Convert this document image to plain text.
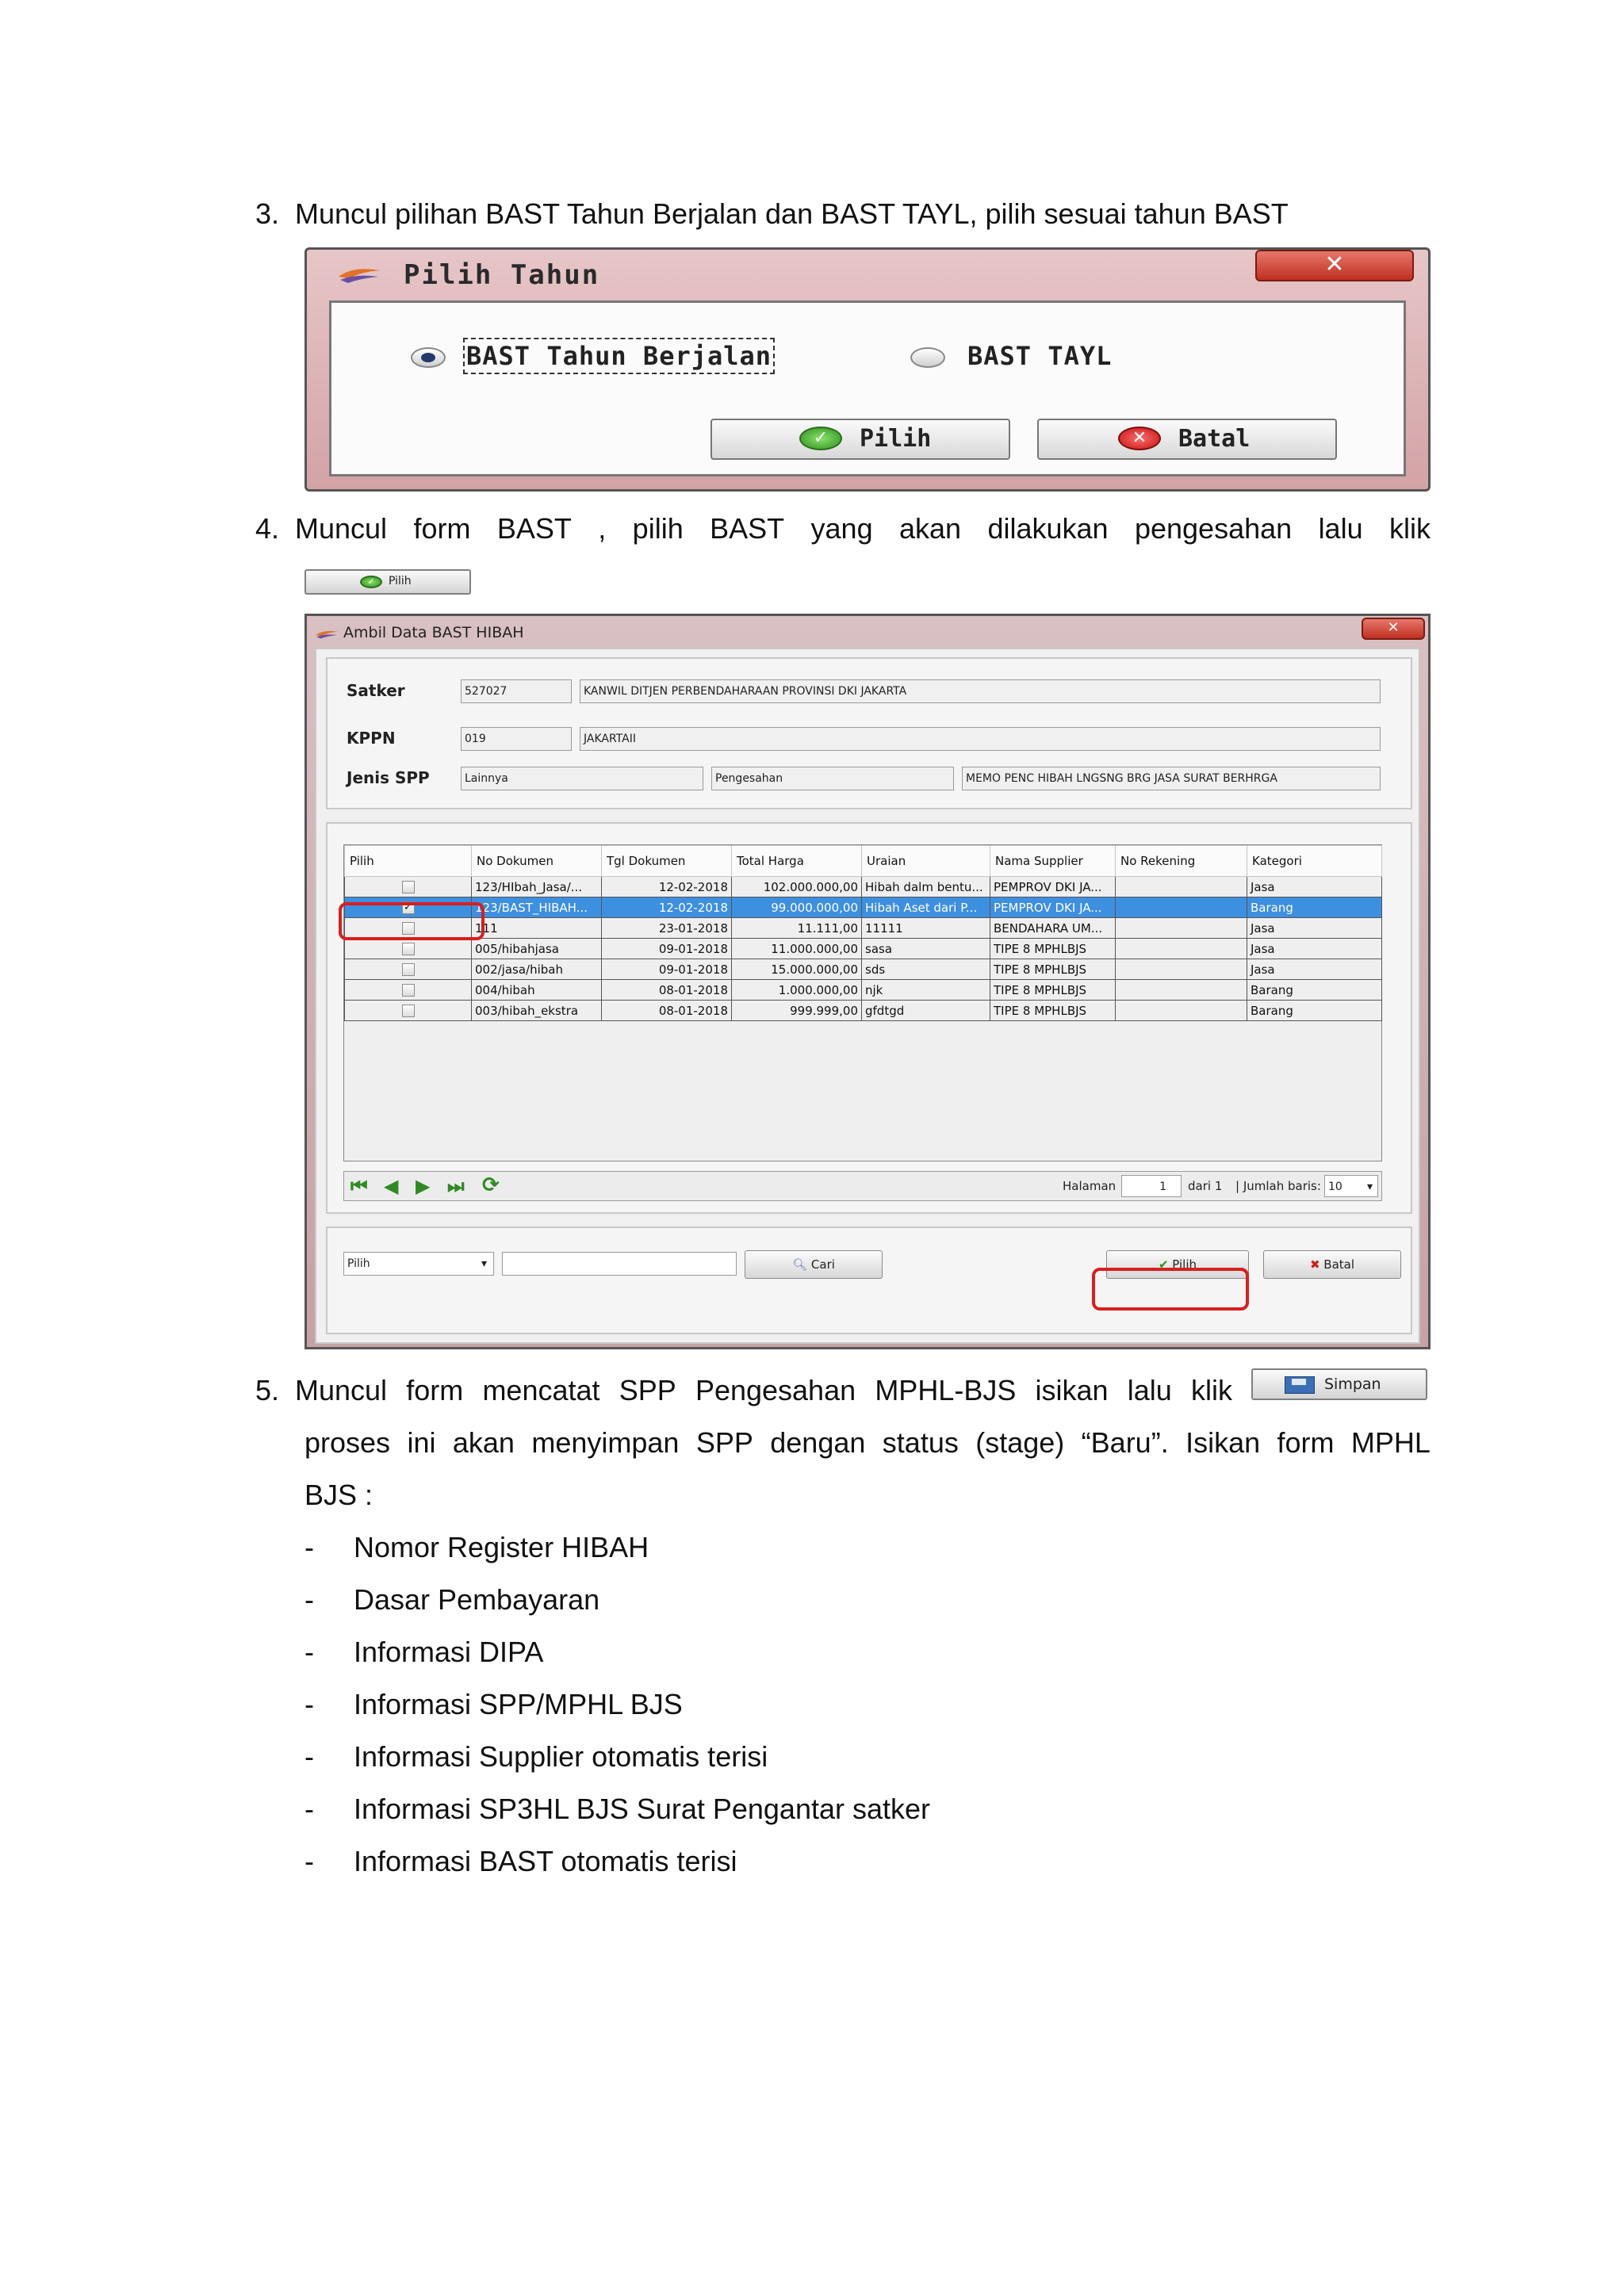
3. Muncul pilihan BAST Tahun Berjalan dan BAST TAYL, pilih sesuai tahun BAST
Pilih Tahun	✕
BAST Tahun Berjalan	BAST TAYL
✓	Pilih	✕	Batal
4. Muncul form BAST , pilih BAST yang akan dilakukan pengesahan lalu klik
✓	Pilih
Ambil Data BAST HIBAH	✕
Satker	527027	KANWIL DITJEN PERBENDAHARAAN PROVINSI DKI JAKARTA
KPPN	019	JAKARTAII
Jenis SPP	Lainnya	Pengesahan	MEMO PENC HIBAH LNGSNG BRG JASA SURAT BERHRGA
Pilih	No Dokumen	Tgl Dokumen	Total Harga	Uraian	Nama Supplier	No Rekening	Kategori
	123/HIbah_Jasa/...	12-02-2018	102.000.000,00	Hibah dalm bentu...	PEMPROV DKI JA...		Jasa
✓	123/BAST_HIBAH...	12-02-2018	99.000.000,00	Hibah Aset dari P...	PEMPROV DKI JA...		Barang
	111	23-01-2018	11.111,00	11111	BENDAHARA UM...		Jasa
	005/hibahjasa	09-01-2018	11.000.000,00	sasa	TIPE 8 MPHLBJS		Jasa
	002/jasa/hibah	09-01-2018	15.000.000,00	sds	TIPE 8 MPHLBJS		Jasa
	004/hibah	08-01-2018	1.000.000,00	njk	TIPE 8 MPHLBJS		Barang
	003/hibah_ekstra	08-01-2018	999.999,00	gfdtgd	TIPE 8 MPHLBJS		Barang
⏮ ◀ ▶ ⏭ ⟳	Halaman	1	dari 1 | Jumlah baris: 10 ▾
Pilih	▾	🔍︎ Cari	✔ Pilih	✖ Batal
5. Muncul form mencatat SPP Pengesahan MPHL-BJS isikan lalu klik	Simpan
proses ini akan menyimpan SPP dengan status (stage) “Baru”. Isikan form MPHL
BJS :
- Nomor Register HIBAH
- Dasar Pembayaran
- Informasi DIPA
- Informasi SPP/MPHL BJS
- Informasi Supplier otomatis terisi
- Informasi SP3HL BJS Surat Pengantar satker
- Informasi BAST otomatis terisi
